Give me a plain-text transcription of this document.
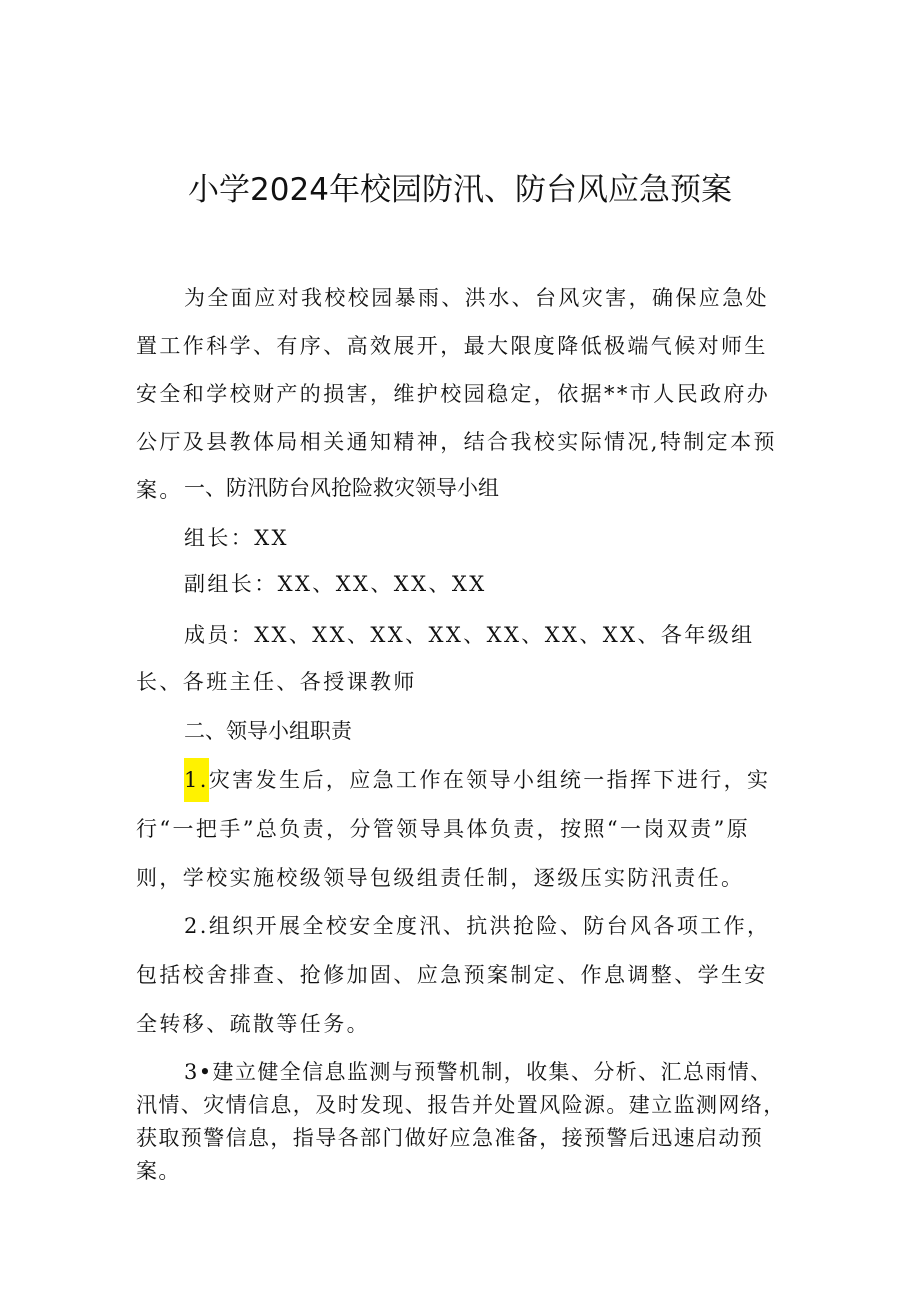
小学2024年校园防汛、防台风应急预案

为全面应对我校校园暴雨、洪水、台风灾害，确保应急处置工作科学、有序、高效展开，最大限度降低极端气候对师生安全和学校财产的损害，维护校园稳定，依据**市人民政府办公厅及县教体局相关通知精神，结合我校实际情况,特制定本预案。 一、防汛防台风抢险救灾领导小组

组长：XX

副组长：XX、XX、XX、XX

成员：XX、XX、XX、XX、XX、XX、XX、各年级组长、各班主任、各授课教师

二、领导小组职责

1.灾害发生后，应急工作在领导小组统一指挥下进行，实行“一把手”总负责，分管领导具体负责，按照“一岗双责”原则，学校实施校级领导包级组责任制，逐级压实防汛责任。

2.组织开展全校安全度汛、抗洪抢险、防台风各项工作，包括校舍排查、抢修加固、应急预案制定、作息调整、学生安全转移、疏散等任务。

3•建立健全信息监测与预警机制，收集、分析、汇总雨情、汛情、灾情信息，及时发现、报告并处置风险源。建立监测网络，获取预警信息，指导各部门做好应急准备，接预警后迅速启动预案。
